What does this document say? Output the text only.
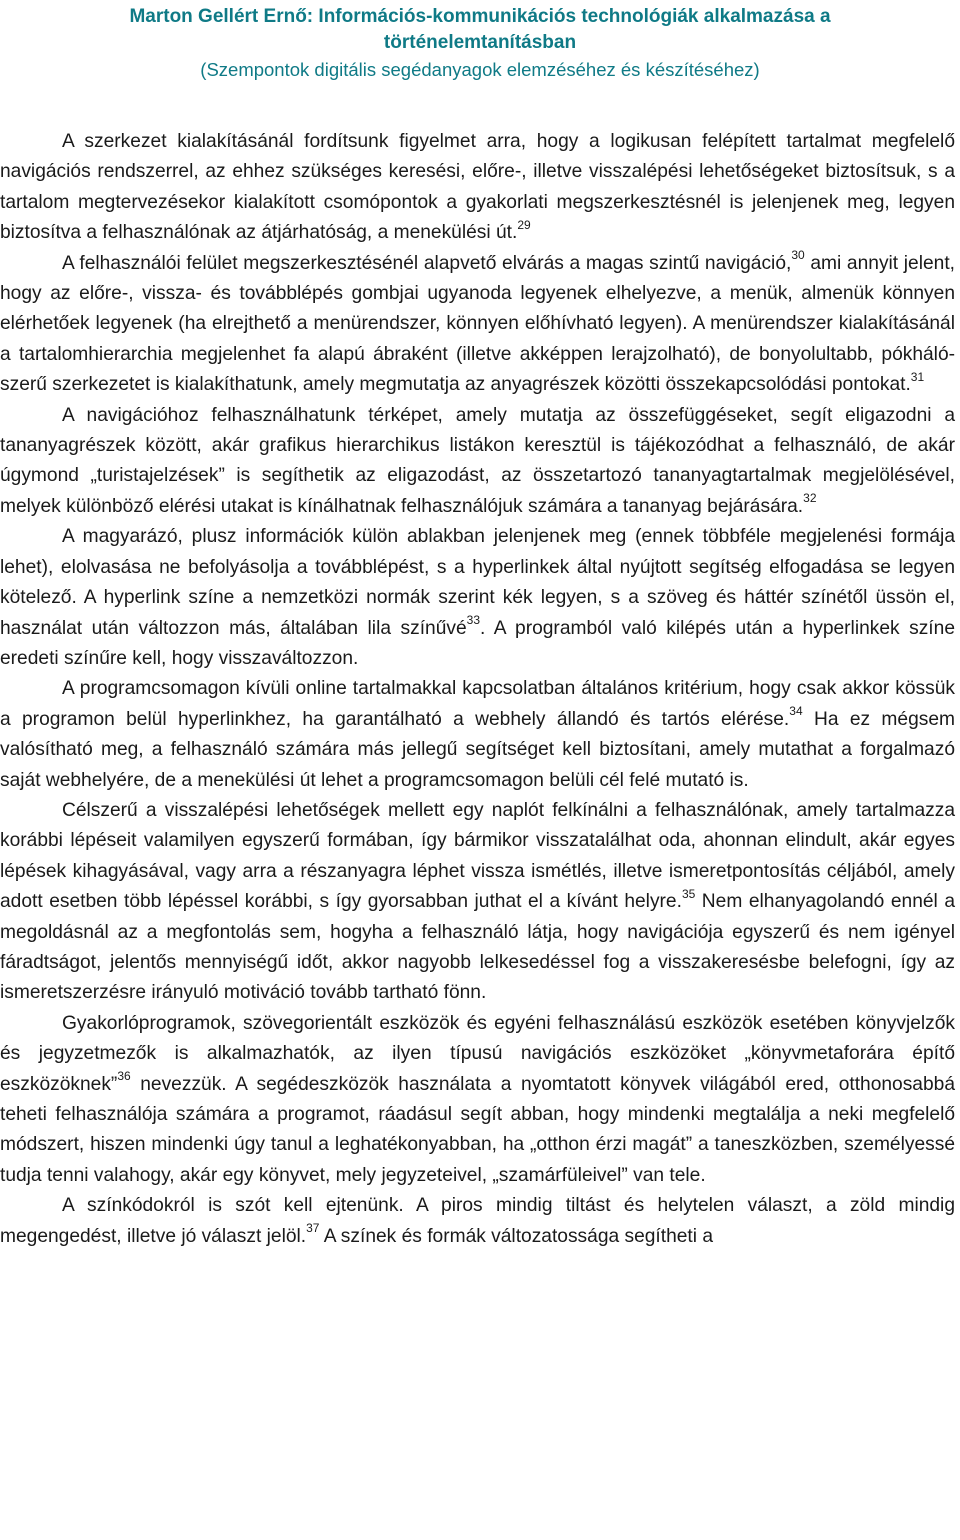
Marton Gellért Ernő: Információs-kommunikációs technológiák alkalmazása a történelemtanításban
(Szempontok digitális segédanyagok elemzéséhez és készítéséhez)

A szerkezet kialakításánál fordítsunk figyelmet arra, hogy a logikusan felépített tartalmat megfelelő navigációs rendszerrel, az ehhez szükséges keresési, előre-, illetve visszalépési lehetőségeket biztosítsuk, s a tartalom megtervezésekor kialakított csomópontok a gyakorlati megszerkesztésnél is jelenjenek meg, legyen biztosítva a felhasználónak az átjárhatóság, a menekülési út.$^{29}$

A felhasználói felület megszerkesztésénél alapvető elvárás a magas szintű navigáció,$^{30}$ ami annyit jelent, hogy az előre-, vissza- és továbblépés gombjai ugyanoda legyenek elhelyezve, a menük, almenük könnyen elérhetőek legyenek (ha elrejthető a menürendszer, könnyen előhívható legyen). A menürendszer kialakításánál a tartalomhierarchia megjelenhet fa alapú ábraként (illetve akképpen lerajzolható), de bonyolultabb, pókháló-szerű szerkezetet is kialakíthatunk, amely megmutatja az anyagrészek közötti összekapcsolódási pontokat.$^{31}$

A navigációhoz felhasználhatunk térképet, amely mutatja az összefüggéseket, segít eligazodni a tananyagrészek között, akár grafikus hierarchikus listákon keresztül is tájékozódhat a felhasználó, de akár úgymond „turistajelzések” is segíthetik az eligazodást, az összetartozó tananyagtartalmak megjelölésével, melyek különböző elérési utakat is kínálhatnak felhasználójuk számára a tananyag bejárására.$^{32}$

A magyarázó, plusz információk külön ablakban jelenjenek meg (ennek többféle megjelenési formája lehet), elolvasása ne befolyásolja a továbblépést, s a hyperlinkek által nyújtott segítség elfogadása se legyen kötelező. A hyperlink színe a nemzetközi normák szerint kék legyen, s a szöveg és háttér színétől üssön el, használat után változzon más, általában lila színűvé$^{33}$. A programból való kilépés után a hyperlinkek színe eredeti színűre kell, hogy visszaváltozzon.

A programcsomagon kívüli online tartalmakkal kapcsolatban általános kritérium, hogy csak akkor kössük a programon belül hyperlinkhez, ha garantálható a webhely állandó és tartós elérése.$^{34}$ Ha ez mégsem valósítható meg, a felhasználó számára más jellegű segítséget kell biztosítani, amely mutathat a forgalmazó saját webhelyére, de a menekülési út lehet a programcsomagon belüli cél felé mutató is.

Célszerű a visszalépési lehetőségek mellett egy naplót felkínálni a felhasználónak, amely tartalmazza korábbi lépéseit valamilyen egyszerű formában, így bármikor visszatalálhat oda, ahonnan elindult, akár egyes lépések kihagyásával, vagy arra a részanyagra léphet vissza ismétlés, illetve ismeretpontosítás céljából, amely adott esetben több lépéssel korábbi, s így gyorsabban juthat el a kívánt helyre.$^{35}$ Nem elhanyagolandó ennél a megoldásnál az a megfontolás sem, hogyha a felhasználó látja, hogy navigációja egyszerű és nem igényel fáradtságot, jelentős mennyiségű időt, akkor nagyobb lelkesedéssel fog a visszakeresésbe belefogni, így az ismeretszerzésre irányuló motiváció tovább tartható fönn.

Gyakorlóprogramok, szövegorientált eszközök és egyéni felhasználású eszközök esetében könyvjelzők és jegyzetmezők is alkalmazhatók, az ilyen típusú navigációs eszközöket „könyvmetaforára építő eszközöknek”$^{36}$ nevezzük. A segédeszközök használata a nyomtatott könyvek világából ered, otthonosabbá teheti felhasználója számára a programot, ráadásul segít abban, hogy mindenki megtalálja a neki megfelelő módszert, hiszen mindenki úgy tanul a leghatékonyabban, ha „otthon érzi magát” a taneszközben, személyessé tudja tenni valahogy, akár egy könyvet, mely jegyzeteivel, „szamárfüleivel” van tele.

A színkódokról is szót kell ejtenünk. A piros mindig tiltást és helytelen választ, a zöld mindig megengedést, illetve jó választ jelöl.$^{37}$ A színek és formák változatossága segítheti a
